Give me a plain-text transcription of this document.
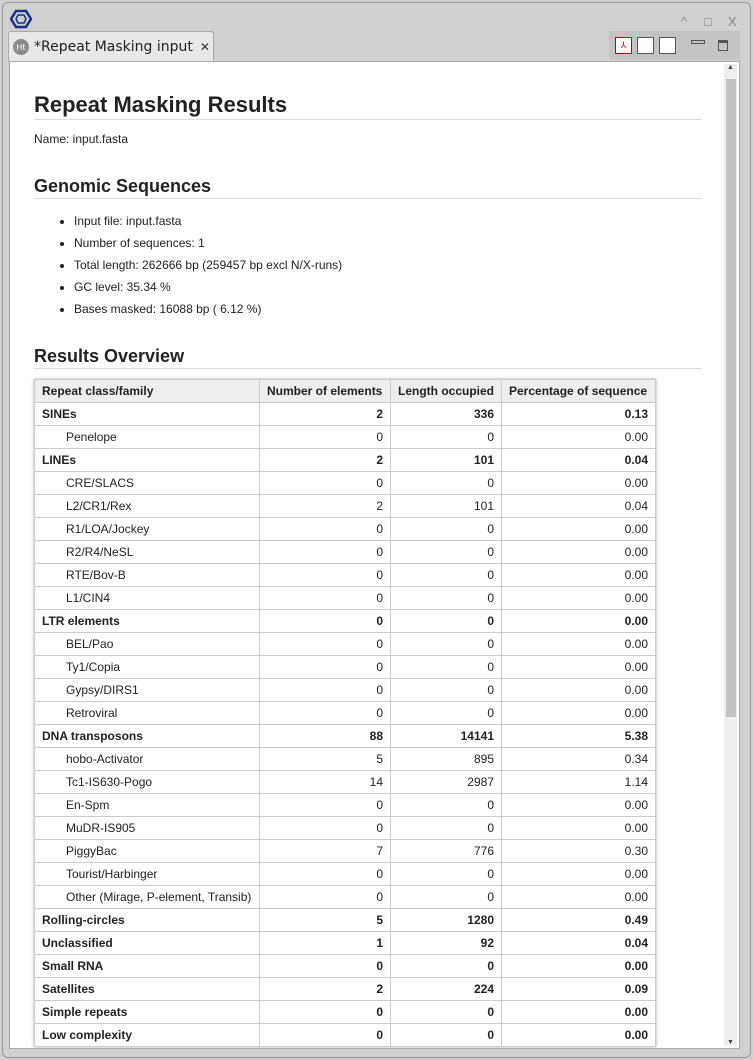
^ □ X
Ht *Repeat Masking input ✕	⅄
Repeat Masking Results

Name: input.fasta

Genomic Sequences
• Input file: input.fasta
• Number of sequences: 1
• Total length: 262666 bp (259457 bp excl N/X-runs)
• GC level: 35.34 %
• Bases masked: 16088 bp ( 6.12 %)
Results Overview
Repeat class/family	Number of elements	Length occupied	Percentage of sequence
SINEs	2	336	0.13
Penelope	0	0	0.00
LINEs	2	101	0.04
CRE/SLACS	0	0	0.00
L2/CR1/Rex	2	101	0.04
R1/LOA/Jockey	0	0	0.00
R2/R4/NeSL	0	0	0.00
RTE/Bov-B	0	0	0.00
L1/CIN4	0	0	0.00
LTR elements	0	0	0.00
BEL/Pao	0	0	0.00
Ty1/Copia	0	0	0.00
Gypsy/DIRS1	0	0	0.00
Retroviral	0	0	0.00
DNA transposons	88	14141	5.38
hobo-Activator	5	895	0.34
Tc1-IS630-Pogo	14	2987	1.14
En-Spm	0	0	0.00
MuDR-IS905	0	0	0.00
PiggyBac	7	776	0.30
Tourist/Harbinger	0	0	0.00
Other (Mirage, P-element, Transib)	0	0	0.00
Rolling-circles	5	1280	0.49
Unclassified	1	92	0.04
Small RNA	0	0	0.00
Satellites	2	224	0.09
Simple repeats	0	0	0.00
Low complexity	0	0	0.00
▲
▼
